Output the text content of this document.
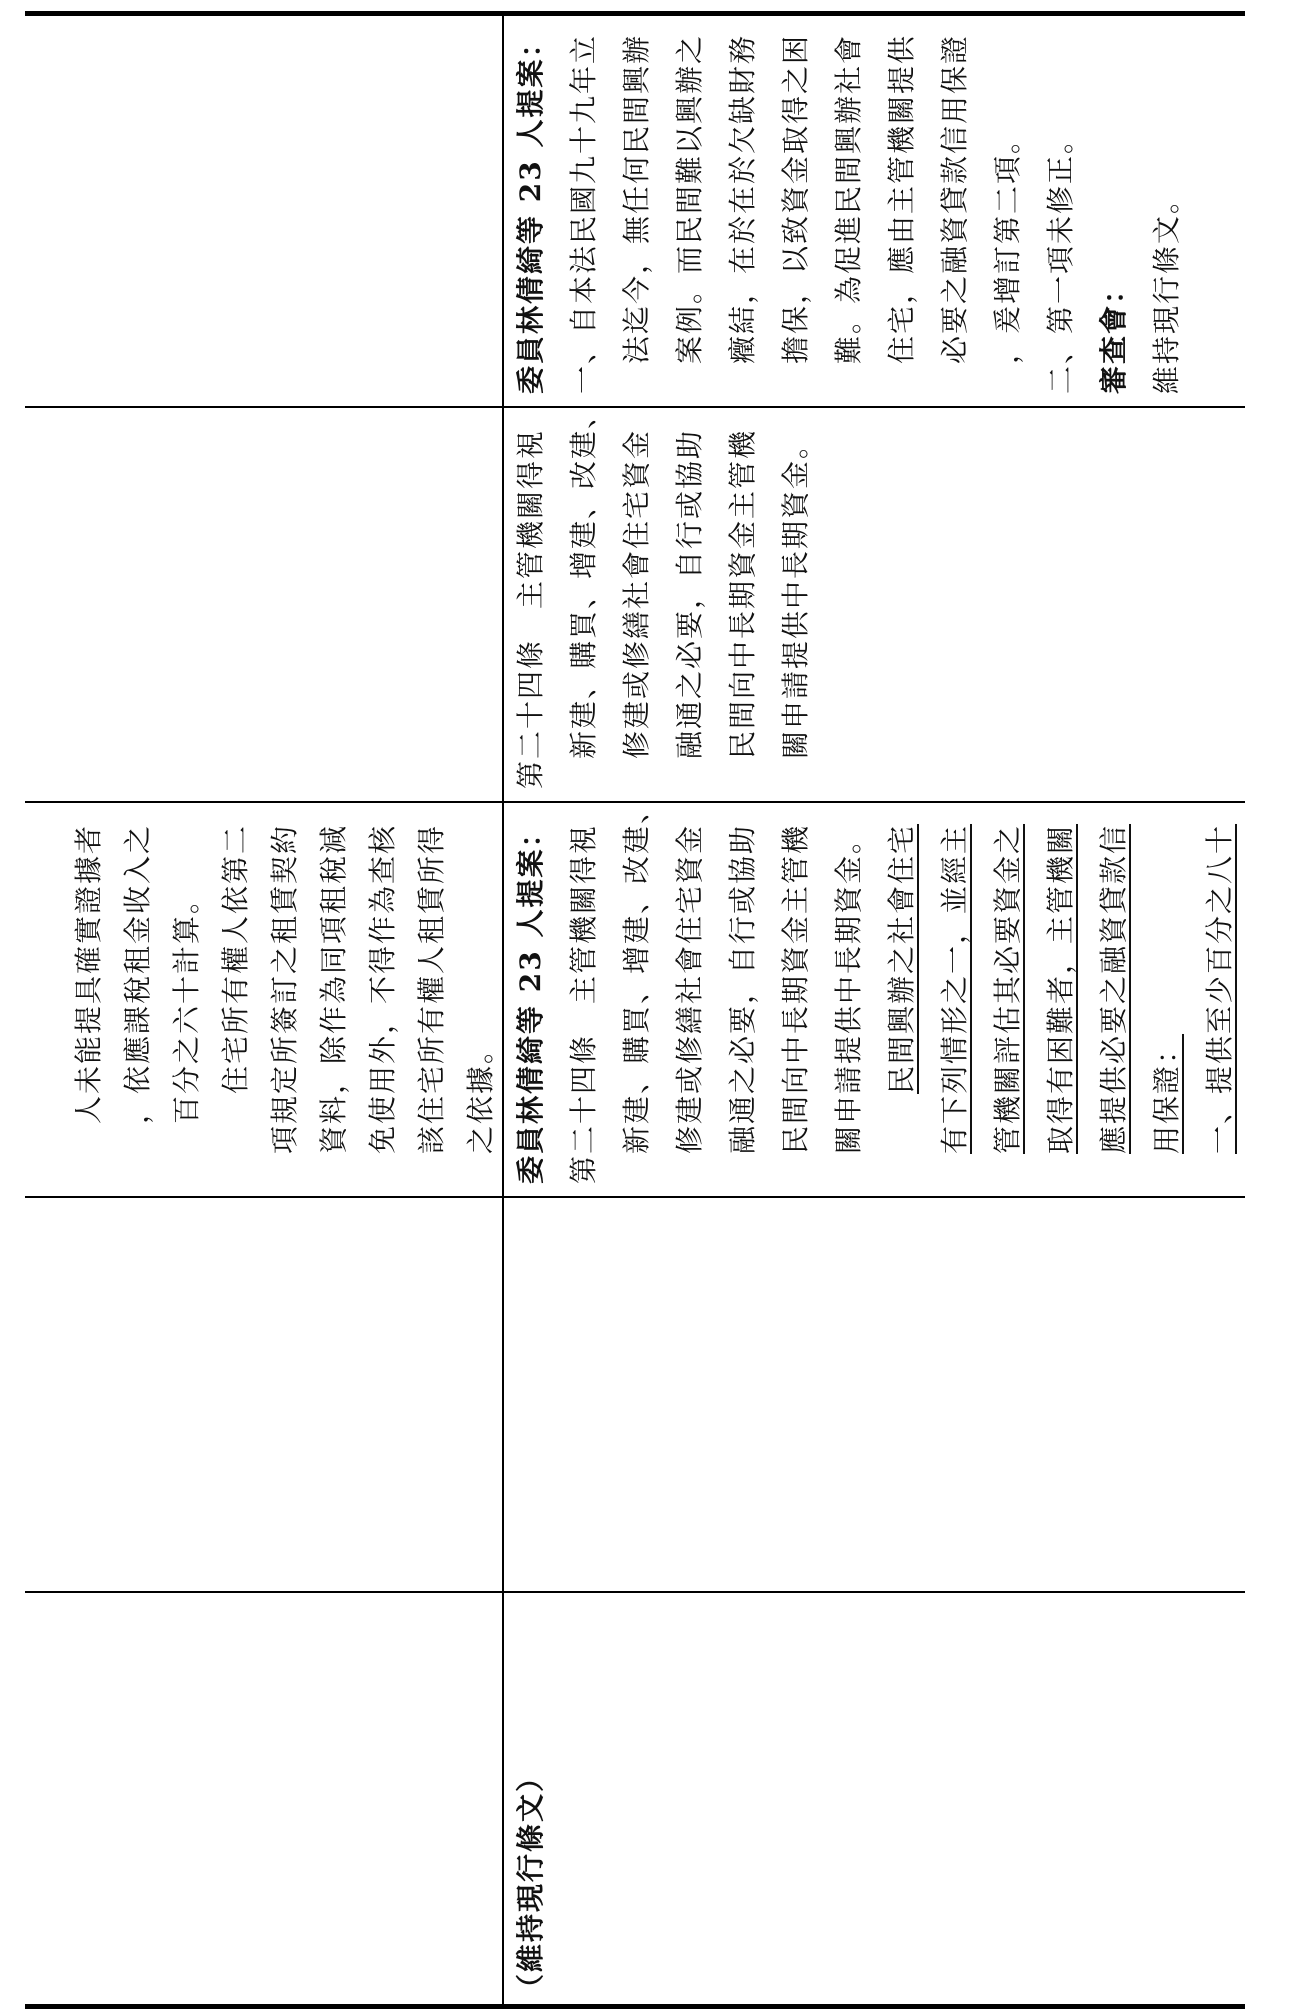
人未能提具確實證據者 ，依應課稅租金收入之 百分之六十計算。 住宅所有權人依第二 項規定所簽訂之租賃契約 資料，除作為同項租稅減 免使用外，不得作為查核 該住宅所有權人租賃所得 之依據。
（維持現行條文）
委員林倩綺等 23 人提案： 第二十四條　主管機關得視 新建、購買、增建、改建、 修建或修繕社會住宅資金 融通之必要，自行或協助 民間向中長期資金主管機 關申請提供中長期資金。 民間興辦之社會住宅 有下列情形之一，並經主 管機關評估其必要資金之 取得有困難者，主管機關 應提供必要之融資貸款信 用保證： 一、提供至少百分之八十
第二十四條　主管機關得視 新建、購買、增建、改建、 修建或修繕社會住宅資金 融通之必要，自行或協助 民間向中長期資金主管機 關申請提供中長期資金。
委員林倩綺等 23 人提案： 一、自本法民國九十九年立 法迄今，無任何民間興辦 案例。而民間難以興辦之 癥結，在於在於欠缺財務 擔保，以致資金取得之困 難。為促進民間興辦社會 住宅，應由主管機關提供 必要之融資貸款信用保證 ，爰增訂第二項。 二、第一項未修正。 審查會： 維持現行條文。
